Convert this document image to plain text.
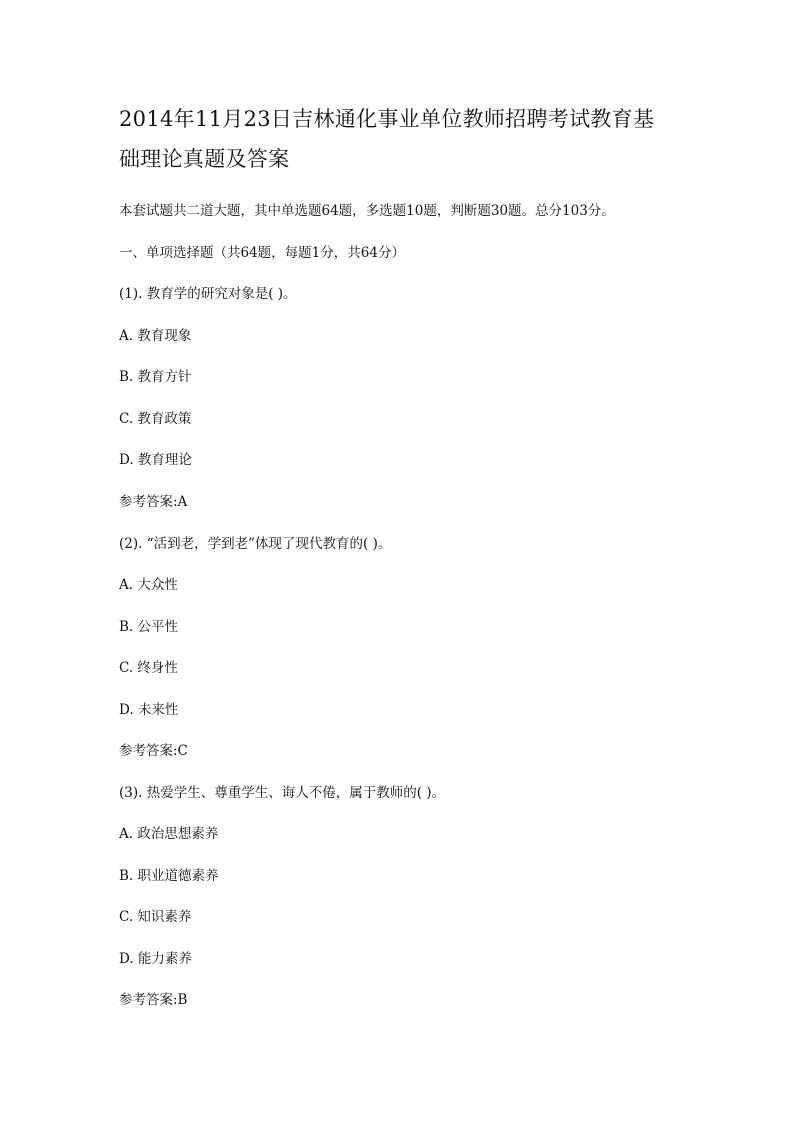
2014年11月23日吉林通化事业单位教师招聘考试教育基
础理论真题及答案

本套试题共二道大题，其中单选题64题，多选题10题，判断题30题。总分103分。

一、单项选择题（共64题，每题1分，共64分）

(1). 教育学的研究对象是( )。

A. 教育现象

B. 教育方针

C. 教育政策

D. 教育理论

参考答案:A

(2). “活到老，学到老”体现了现代教育的( )。

A. 大众性

B. 公平性

C. 终身性

D. 未来性

参考答案:C

(3). 热爱学生、尊重学生、诲人不倦，属于教师的( )。

A. 政治思想素养

B. 职业道德素养

C. 知识素养

D. 能力素养

参考答案:B
